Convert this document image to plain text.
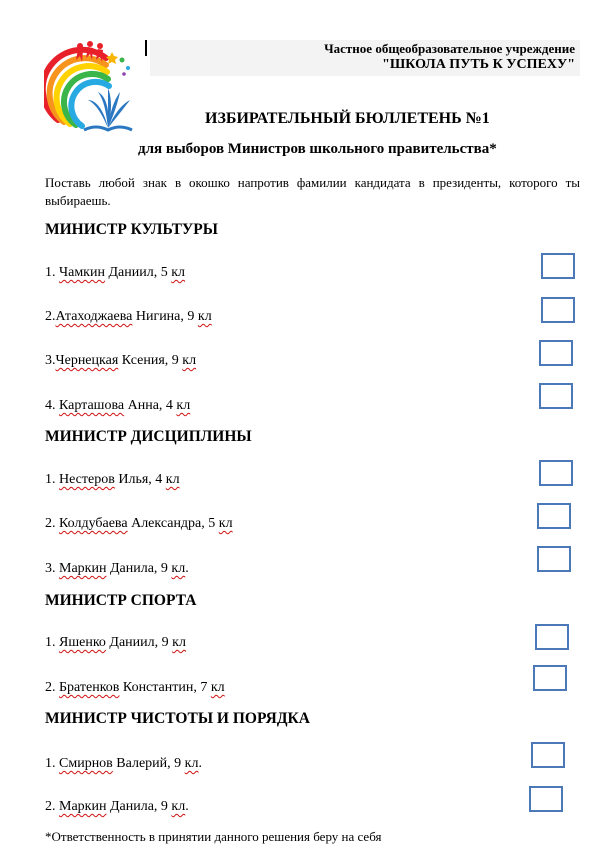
Частное общеобразовательное учреждение
"ШКОЛА ПУТЬ К УСПЕХУ"
ИЗБИРАТЕЛЬНЫЙ БЮЛЛЕТЕНЬ №1
для выборов Министров школьного правительства*
Поставь любой знак в окошко напротив фамилии кандидата в президенты, которого ты выбираешь.
МИНИСТР КУЛЬТУРЫ
1. Чамкин Даниил, 5 кл
2.Атаходжаева Нигина, 9 кл
3.Чернецкая Ксения, 9 кл
4. Карташова Анна, 4 кл
МИНИСТР ДИСЦИПЛИНЫ
1. Нестеров Илья, 4 кл
2. Колдубаева Александра, 5 кл
3. Маркин Данила, 9 кл.
МИНИСТР СПОРТА
1. Яшенко Даниил, 9 кл
2. Братенков Константин, 7 кл
МИНИСТР ЧИСТОТЫ И ПОРЯДКА
1. Смирнов Валерий, 9 кл.
2. Маркин Данила, 9 кл.
*Ответственность в принятии данного решения беру на себя
